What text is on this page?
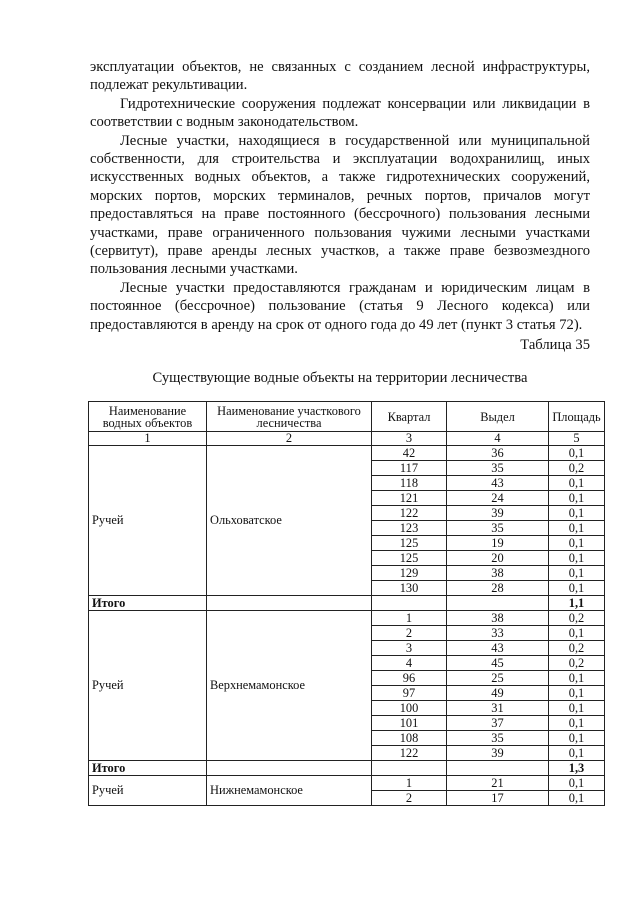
эксплуатации объектов, не связанных с созданием лесной инфраструктуры, подлежат рекультивации.

Гидротехнические сооружения подлежат консервации или ликвидации в соответствии с водным законодательством.

Лесные участки, находящиеся в государственной или муниципальной собственности, для строительства и эксплуатации водохранилищ, иных искусственных водных объектов, а также гидротехнических сооружений, морских портов, морских терминалов, речных портов, причалов могут предоставляться на праве постоянного (бессрочного) пользования лесными участками, праве ограниченного пользования чужими лесными участками (сервитут), праве аренды лесных участков, а также праве безвозмездного пользования лесными участками.

Лесные участки предоставляются гражданам и юридическим лицам в постоянное (бессрочное) пользование (статья 9 Лесного кодекса) или предоставляются в аренду на срок от одного года до 49 лет (пункт 3 статья 72).

Таблица 35
Существующие водные объекты на территории лесничества
Наименование водных объектов	Наименование участкового лесничества	Квартал	Выдел	Площадь
1	2	3	4	5
Ручей	Ольховатское	42	36	0,1
		117	35	0,2
		118	43	0,1
		121	24	0,1
		122	39	0,1
		123	35	0,1
		125	19	0,1
		125	20	0,1
		129	38	0,1
		130	28	0,1
Итого				1,1
Ручей	Верхнемамонское	1	38	0,2
		2	33	0,1
		3	43	0,2
		4	45	0,2
		96	25	0,1
		97	49	0,1
		100	31	0,1
		101	37	0,1
		108	35	0,1
		122	39	0,1
Итого				1,3
Ручей	Нижнемамонское	1	21	0,1
		2	17	0,1
